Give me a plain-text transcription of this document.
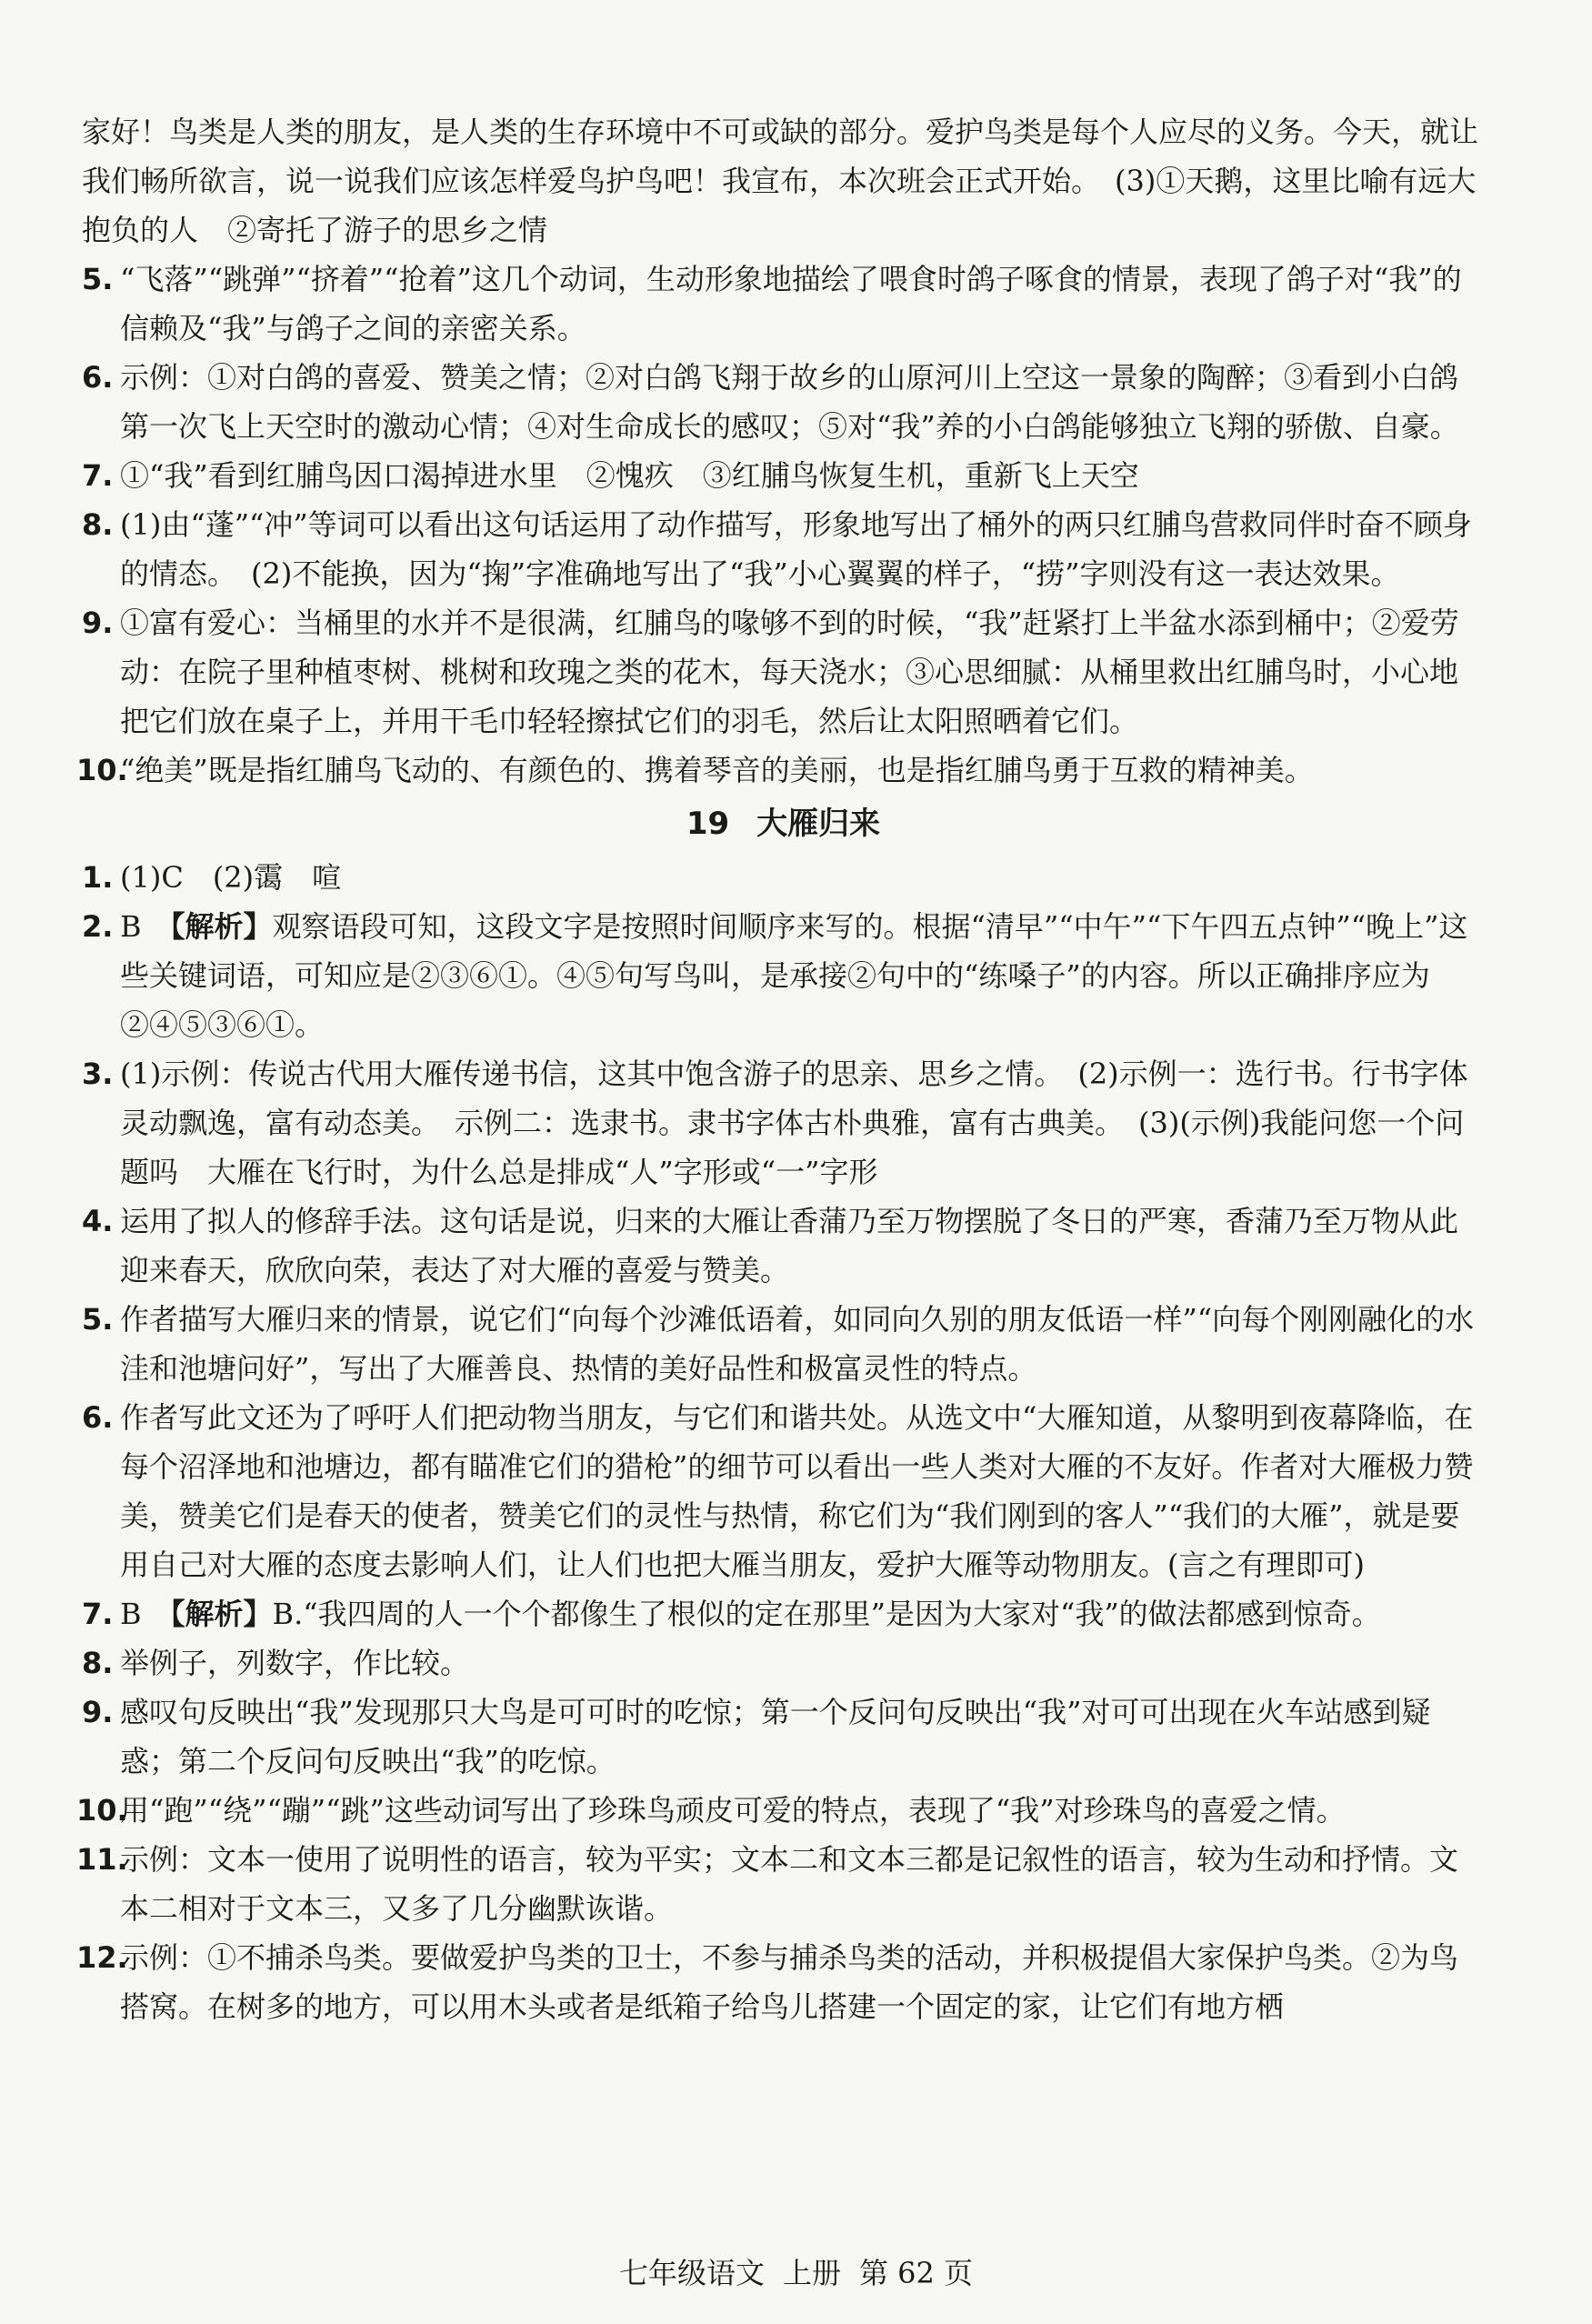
家好！鸟类是人类的朋友，是人类的生存环境中不可或缺的部分。爱护鸟类是每个人应尽的义务。今天，就让我们畅所欲言，说一说我们应该怎样爱鸟护鸟吧！我宣布，本次班会正式开始。　(3)①天鹅，这里比喻有远大抱负的人　②寄托了游子的思乡之情

5. “飞落”“跳弹”“挤着”“抢着”这几个动词，生动形象地描绘了喂食时鸽子啄食的情景，表现了鸽子对“我”的信赖及“我”与鸽子之间的亲密关系。

6. 示例：①对白鸽的喜爱、赞美之情；②对白鸽飞翔于故乡的山原河川上空这一景象的陶醉；③看到小白鸽第一次飞上天空时的激动心情；④对生命成长的感叹；⑤对“我”养的小白鸽能够独立飞翔的骄傲、自豪。

7. ①“我”看到红脯鸟因口渴掉进水里　②愧疚　③红脯鸟恢复生机，重新飞上天空

8. (1)由“蓬”“冲”等词可以看出这句话运用了动作描写，形象地写出了桶外的两只红脯鸟营救同伴时奋不顾身的情态。　(2)不能换，因为“掬”字准确地写出了“我”小心翼翼的样子，“捞”字则没有这一表达效果。

9. ①富有爱心：当桶里的水并不是很满，红脯鸟的喙够不到的时候，“我”赶紧打上半盆水添到桶中；②爱劳动：在院子里种植枣树、桃树和玫瑰之类的花木，每天浇水；③心思细腻：从桶里救出红脯鸟时，小心地把它们放在桌子上，并用干毛巾轻轻擦拭它们的羽毛，然后让太阳照晒着它们。

10.
“绝美”既是指红脯鸟飞动的、有颜色的、携着琴音的美丽，也是指红脯鸟勇于互救的精神美。

19 大雁归来

1. (1)C　(2)霭　喧

2. B　 【解析】观察语段可知，这段文字是按照时间顺序来写的。根据“清早”“中午”“下午四五点钟”“晚上”这些关键词语，可知应是②③⑥①。④⑤句写鸟叫，是承接②句中的“练嗓子”的内容。所以正确排序应为②④⑤③⑥①。

3. (1)示例：传说古代用大雁传递书信，这其中饱含游子的思亲、思乡之情。　(2)示例一：选行书。行书字体灵动飘逸，富有动态美。　示例二：选隶书。隶书字体古朴典雅，富有古典美。　(3)(示例)我能问您一个问题吗　大雁在飞行时，为什么总是排成“人”字形或“一”字形

4. 运用了拟人的修辞手法。这句话是说，归来的大雁让香蒲乃至万物摆脱了冬日的严寒，香蒲乃至万物从此迎来春天，欣欣向荣，表达了对大雁的喜爱与赞美。

5. 作者描写大雁归来的情景，说它们“向每个沙滩低语着，如同向久别的朋友低语一样”“向每个刚刚融化的水洼和池塘问好”，写出了大雁善良、热情的美好品性和极富灵性的特点。

6. 作者写此文还为了呼吁人们把动物当朋友，与它们和谐共处。从选文中“大雁知道，从黎明到夜幕降临，在每个沼泽地和池塘边，都有瞄准它们的猎枪”的细节可以看出一些人类对大雁的不友好。作者对大雁极力赞美，赞美它们是春天的使者，赞美它们的灵性与热情，称它们为“我们刚到的客人”“我们的大雁”，就是要用自己对大雁的态度去影响人们，让人们也把大雁当朋友，爱护大雁等动物朋友。(言之有理即可)

7. B　 【解析】B.“我四周的人一个个都像生了根似的定在那里”是因为大家对“我”的做法都感到惊奇。

8. 举例子，列数字，作比较。

9. 感叹句反映出“我”发现那只大鸟是可可时的吃惊；第一个反问句反映出“我”对可可出现在火车站感到疑惑；第二个反问句反映出“我”的吃惊。

10.
用“跑”“绕”“蹦”“跳”这些动词写出了珍珠鸟顽皮可爱的特点，表现了“我”对珍珠鸟的喜爱之情。

11.
示例：文本一使用了说明性的语言，较为平实；文本二和文本三都是记叙性的语言，较为生动和抒情。文本二相对于文本三，又多了几分幽默诙谐。

12.
示例：①不捕杀鸟类。要做爱护鸟类的卫士，不参与捕杀鸟类的活动，并积极提倡大家保护鸟类。②为鸟搭窝。在树多的地方，可以用木头或者是纸箱子给鸟儿搭建一个固定的家，让它们有地方栖

七年级语文 上册 第 62 页
